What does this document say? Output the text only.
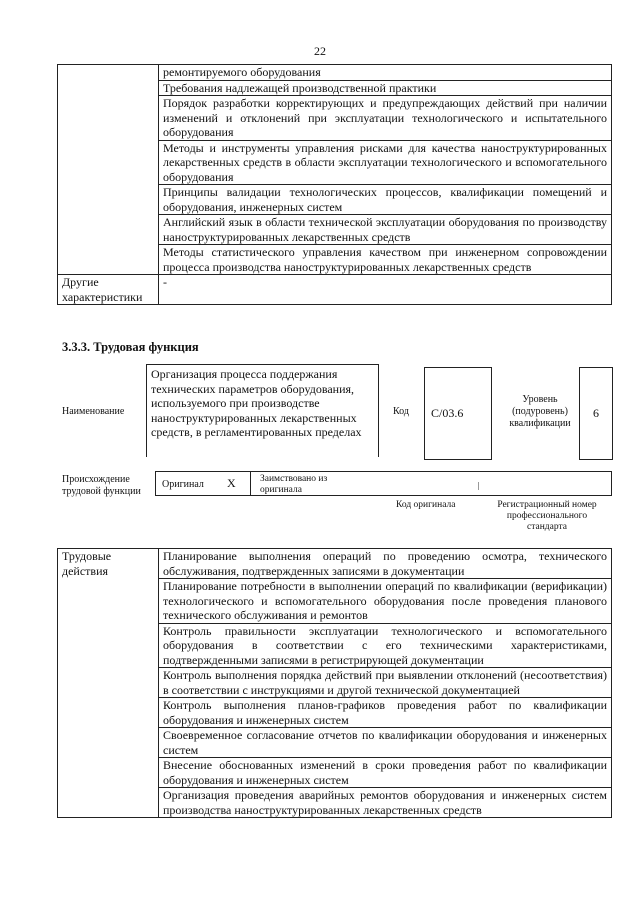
22
	ремонтируемого оборудования
	Требования надлежащей производственной практики
	Порядок разработки корректирующих и предупреждающих действий при наличии изменений и отклонений при эксплуатации технологического и испытательного оборудования
	Методы и инструменты управления рисками для качества наноструктурированных лекарственных средств в области эксплуатации технологического и вспомогательного оборудования
	Принципы валидации технологических процессов, квалификации помещений и оборудования, инженерных систем
	Английский язык в области технической эксплуатации оборудования по производству наноструктурированных лекарственных средств
	Методы статистического управления качеством при инженерном сопровождении процесса производства наноструктурированных лекарственных средств
Другие характеристики	-
3.3.3. Трудовая функция
Наименование
Организация процесса поддержания технических параметров оборудования, используемого при производстве наноструктурированных лекарственных средств, в регламентированных пределах
Код	С/03.6
Уровень (подуровень) квалификации
6
Происхождение трудовой функции
Оригинал X	Заимствовано из оригинала
Код оригинала	Регистрационный номер профессионального стандарта
Трудовые действия	Планирование выполнения операций по проведению осмотра, технического обслуживания, подтвержденных записями в документации
Планирование потребности в выполнении операций по квалификации (верификации) технологического и вспомогательного оборудования после проведения планового технического обслуживания и ремонтов
Контроль правильности эксплуатации технологического и вспомогательного оборудования в соответствии с его техническими характеристиками, подтвержденными записями в регистрирующей документации
Контроль выполнения порядка действий при выявлении отклонений (несоответствия) в соответствии с инструкциями и другой технической документацией
Контроль выполнения планов-графиков проведения работ по квалификации оборудования и инженерных систем
Своевременное согласование отчетов по квалификации оборудования и инженерных систем
Внесение обоснованных изменений в сроки проведения работ по квалификации оборудования и инженерных систем
Организация проведения аварийных ремонтов оборудования и инженерных систем производства наноструктурированных лекарственных средств
